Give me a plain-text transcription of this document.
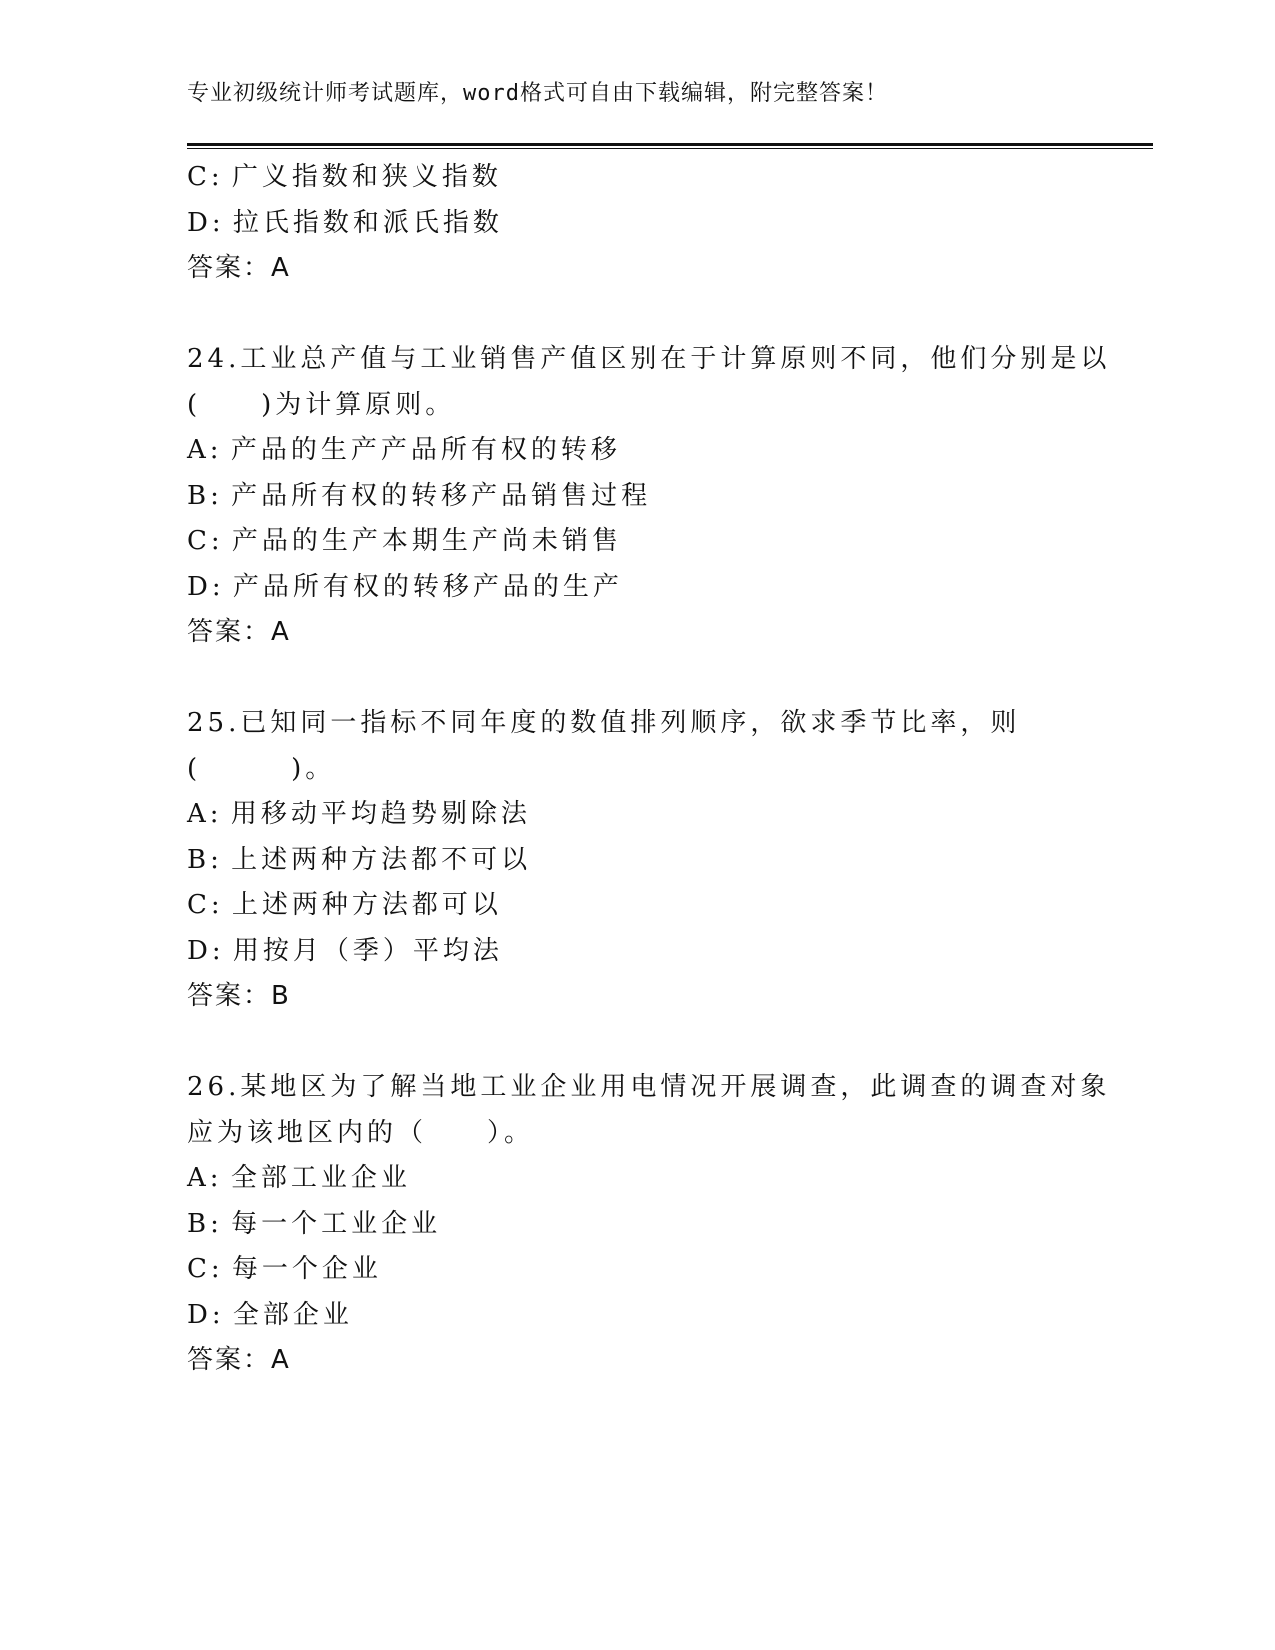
专业初级统计师考试题库，word格式可自由下载编辑，附完整答案！
C: 广义指数和狭义指数
D: 拉氏指数和派氏指数
答案：A
24.工业总产值与工业销售产值区别在于计算原则不同，他们分别是以
(　　)为计算原则。
A: 产品的生产产品所有权的转移
B: 产品所有权的转移产品销售过程
C: 产品的生产本期生产尚未销售
D: 产品所有权的转移产品的生产
答案：A
25.已知同一指标不同年度的数值排列顺序，欲求季节比率，则
(　　　)。
A: 用移动平均趋势剔除法
B: 上述两种方法都不可以
C: 上述两种方法都可以
D: 用按月（季）平均法
答案：B
26.某地区为了解当地工业企业用电情况开展调查，此调查的调查对象
应为该地区内的（　　）。
A: 全部工业企业
B: 每一个工业企业
C: 每一个企业
D: 全部企业
答案：A
